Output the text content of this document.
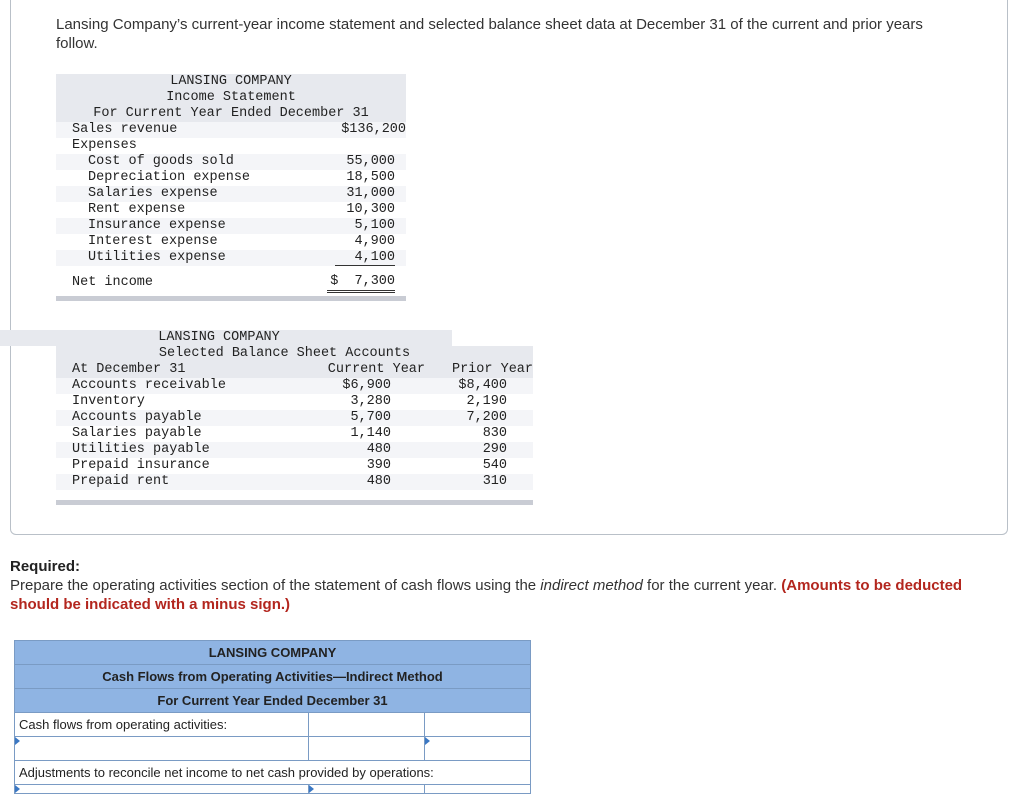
Lansing Company’s current-year income statement and selected balance sheet data at December 31 of the current and prior years follow.
LANSING COMPANY
Income Statement
For Current Year Ended December 31
Sales revenue	$136,200
Expenses
Cost of goods sold	55,000
Depreciation expense	18,500
Salaries expense	31,000
Rent expense	10,300
Insurance expense	5,100
Interest expense	4,900
Utilities expense	4,100
Net income	$  7,300
LANSING COMPANY
Selected Balance Sheet Accounts
At December 31	Current Year	Prior Year
Accounts receivable	$6,900	$8,400
Inventory	3,280	2,190
Accounts payable	5,700	7,200
Salaries payable	1,140	830
Utilities payable	480	290
Prepaid insurance	390	540
Prepaid rent	480	310
Required:
Prepare the operating activities section of the statement of cash flows using the indirect method for the current year. (Amounts to be deducted should be indicated with a minus sign.)
LANSING COMPANY		
Cash Flows from Operating Activities—Indirect Method		
For Current Year Ended December 31		
Cash flows from operating activities:		

Adjustments to reconcile net income to net cash provided by operations:		
